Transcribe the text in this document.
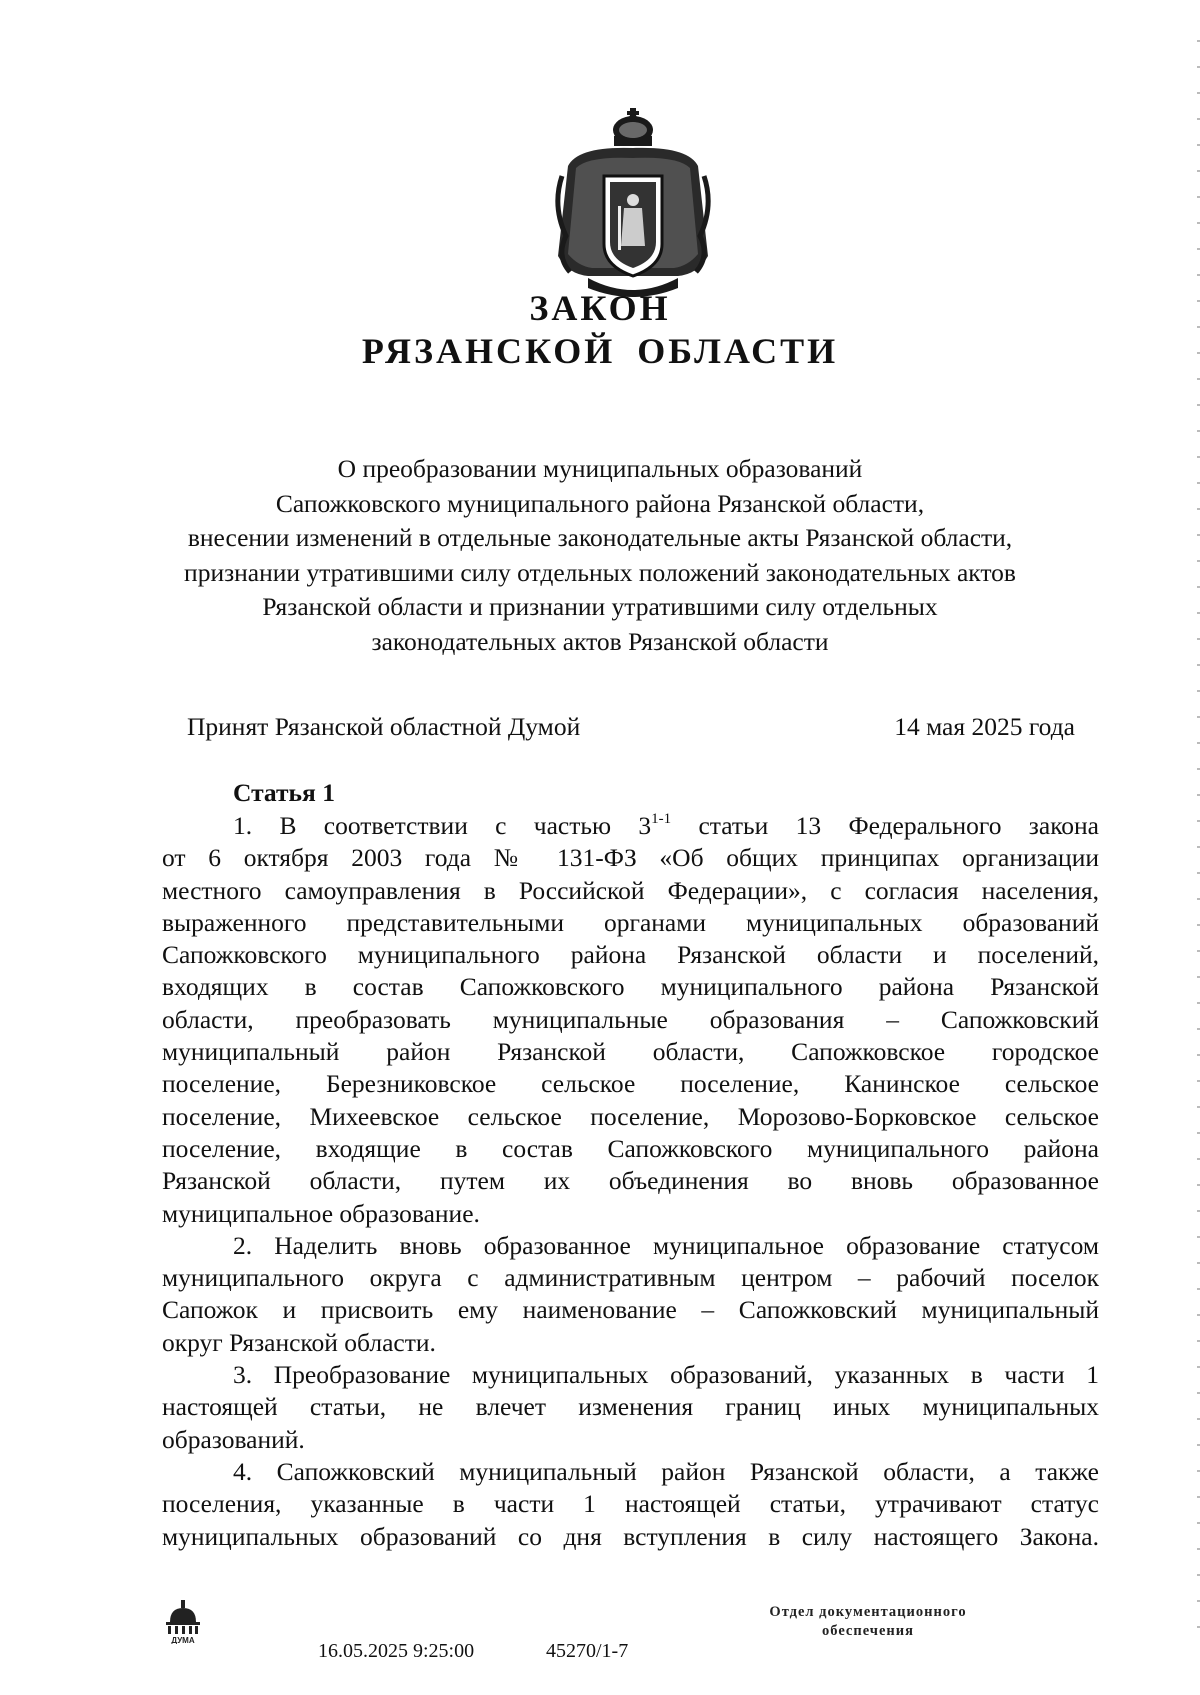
ЗАКОН
РЯЗАНСКОЙ ОБЛАСТИ
О преобразовании муниципальных образований
Сапожковского муниципального района Рязанской области,
внесении изменений в отдельные законодательные акты Рязанской области,
признании утратившими силу отдельных положений законодательных актов
Рязанской области и признании утратившими силу отдельных
законодательных актов Рязанской области
Принят Рязанской областной Думой	14 мая 2025 года
Статья 1
1. В соответствии с частью 3$^{1-1}$ статьи 13 Федерального закона
от 6 октября 2003 года № 131-ФЗ «Об общих принципах организации
местного самоуправления в Российской Федерации», с согласия населения,
выраженного представительными органами муниципальных образований
Сапожковского муниципального района Рязанской области и поселений,
входящих в состав Сапожковского муниципального района Рязанской
области, преобразовать муниципальные образования – Сапожковский
муниципальный район Рязанской области, Сапожковское городское
поселение, Березниковское сельское поселение, Канинское сельское
поселение, Михеевское сельское поселение, Морозово-Борковское сельское
поселение, входящие в состав Сапожковского муниципального района
Рязанской области, путем их объединения во вновь образованное
муниципальное образование.
2. Наделить вновь образованное муниципальное образование статусом
муниципального округа с административным центром – рабочий поселок
Сапожок и присвоить ему наименование – Сапожковский муниципальный
округ Рязанской области.
3. Преобразование муниципальных образований, указанных в части 1
настоящей статьи, не влечет изменения границ иных муниципальных
образований.
4. Сапожковский муниципальный район Рязанской области, а также
поселения, указанные в части 1 настоящей статьи, утрачивают статус
муниципальных образований со дня вступления в силу настоящего Закона.
ДУМА	16.05.2025 9:25:00	45270/1-7
Отдел документационного
обеспечения
